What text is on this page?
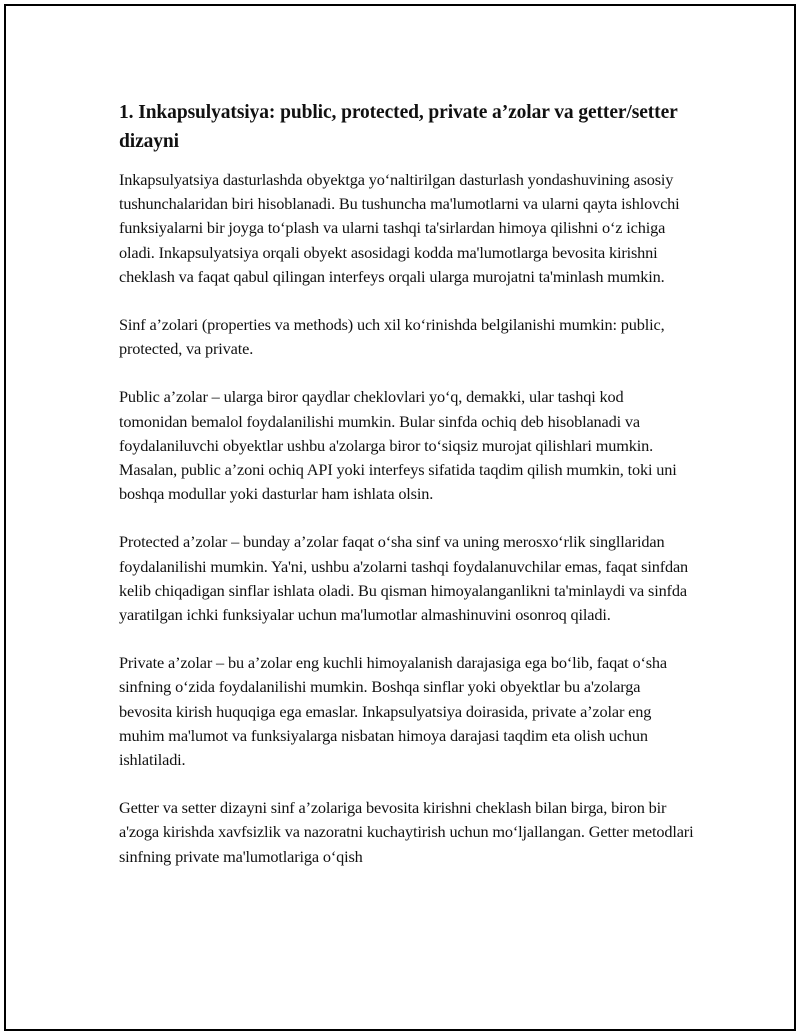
1. Inkapsulyatsiya: public, protected, private a’zolar va getter/setter dizayni

Inkapsulyatsiya dasturlashda obyektga yo‘naltirilgan dasturlash yondashuvining asosiy tushunchalaridan biri hisoblanadi. Bu tushuncha ma'lumotlarni va ularni qayta ishlovchi funksiyalarni bir joyga to‘plash va ularni tashqi ta'sirlardan himoya qilishni o‘z ichiga oladi. Inkapsulyatsiya orqali obyekt asosidagi kodda ma'lumotlarga bevosita kirishni cheklash va faqat qabul qilingan interfeys orqali ularga murojatni ta'minlash mumkin.

Sinf a’zolari (properties va methods) uch xil ko‘rinishda belgilanishi mumkin: public, protected, va private.

Public a’zolar – ularga biror qaydlar cheklovlari yo‘q, demakki, ular tashqi kod tomonidan bemalol foydalanilishi mumkin. Bular sinfda ochiq deb hisoblanadi va foydalaniluvchi obyektlar ushbu a'zolarga biror to‘siqsiz murojat qilishlari mumkin. Masalan, public a’zoni ochiq API yoki interfeys sifatida taqdim qilish mumkin, toki uni boshqa modullar yoki dasturlar ham ishlata olsin.

Protected a’zolar – bunday a’zolar faqat o‘sha sinf va uning merosxo‘rlik singllaridan foydalanilishi mumkin. Ya'ni, ushbu a'zolarni tashqi foydalanuvchilar emas, faqat sinfdan kelib chiqadigan sinflar ishlata oladi. Bu qisman himoyalanganlikni ta'minlaydi va sinfda yaratilgan ichki funksiyalar uchun ma'lumotlar almashinuvini osonroq qiladi.

Private a’zolar – bu a’zolar eng kuchli himoyalanish darajasiga ega bo‘lib, faqat o‘sha sinfning o‘zida foydalanilishi mumkin. Boshqa sinflar yoki obyektlar bu a'zolarga bevosita kirish huquqiga ega emaslar. Inkapsulyatsiya doirasida, private a’zolar eng muhim ma'lumot va funksiyalarga nisbatan himoya darajasi taqdim eta olish uchun ishlatiladi.

Getter va setter dizayni sinf a’zolariga bevosita kirishni cheklash bilan birga, biron bir a'zoga kirishda xavfsizlik va nazoratni kuchaytirish uchun mo‘ljallangan. Getter metodlari sinfning private ma'lumotlariga o‘qish
